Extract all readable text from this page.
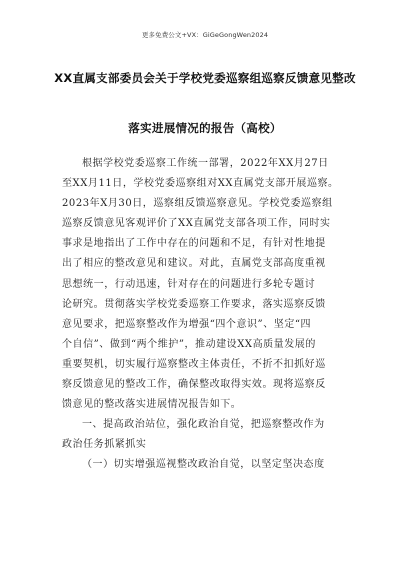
更多免费公文+VX：GiGeGongWen2024
XX直属支部委员会关于学校党委巡察组巡察反馈意见整改
落实进展情况的报告（高校）
根据学校党委巡察工作统一部署，2022年XX月27日
至XX月11日，学校党委巡察组对XX直属党支部开展巡察。
2023年X月30日，巡察组反馈巡察意见。学校党委巡察组
巡察反馈意见客观评价了XX直属党支部各项工作，同时实
事求是地指出了工作中存在的问题和不足，有针对性地提
出了相应的整改意见和建议。对此，直属党支部高度重视
思想统一，行动迅速，针对存在的问题进行多轮专题讨
论研究。贯彻落实学校党委巡察工作要求，落实巡察反馈
意见要求，把巡察整改作为增强“四个意识”、坚定“四
个自信”、做到“两个维护”，推动建设XX高质量发展的
重要契机，切实履行巡察整改主体责任，不折不扣抓好巡
察反馈意见的整改工作，确保整改取得实效。现将巡察反
馈意见的整改落实进展情况报告如下。
一、提高政治站位，强化政治自觉，把巡察整改作为
政治任务抓紧抓实
（一）切实增强巡视整改政治自觉，以坚定坚决态度
